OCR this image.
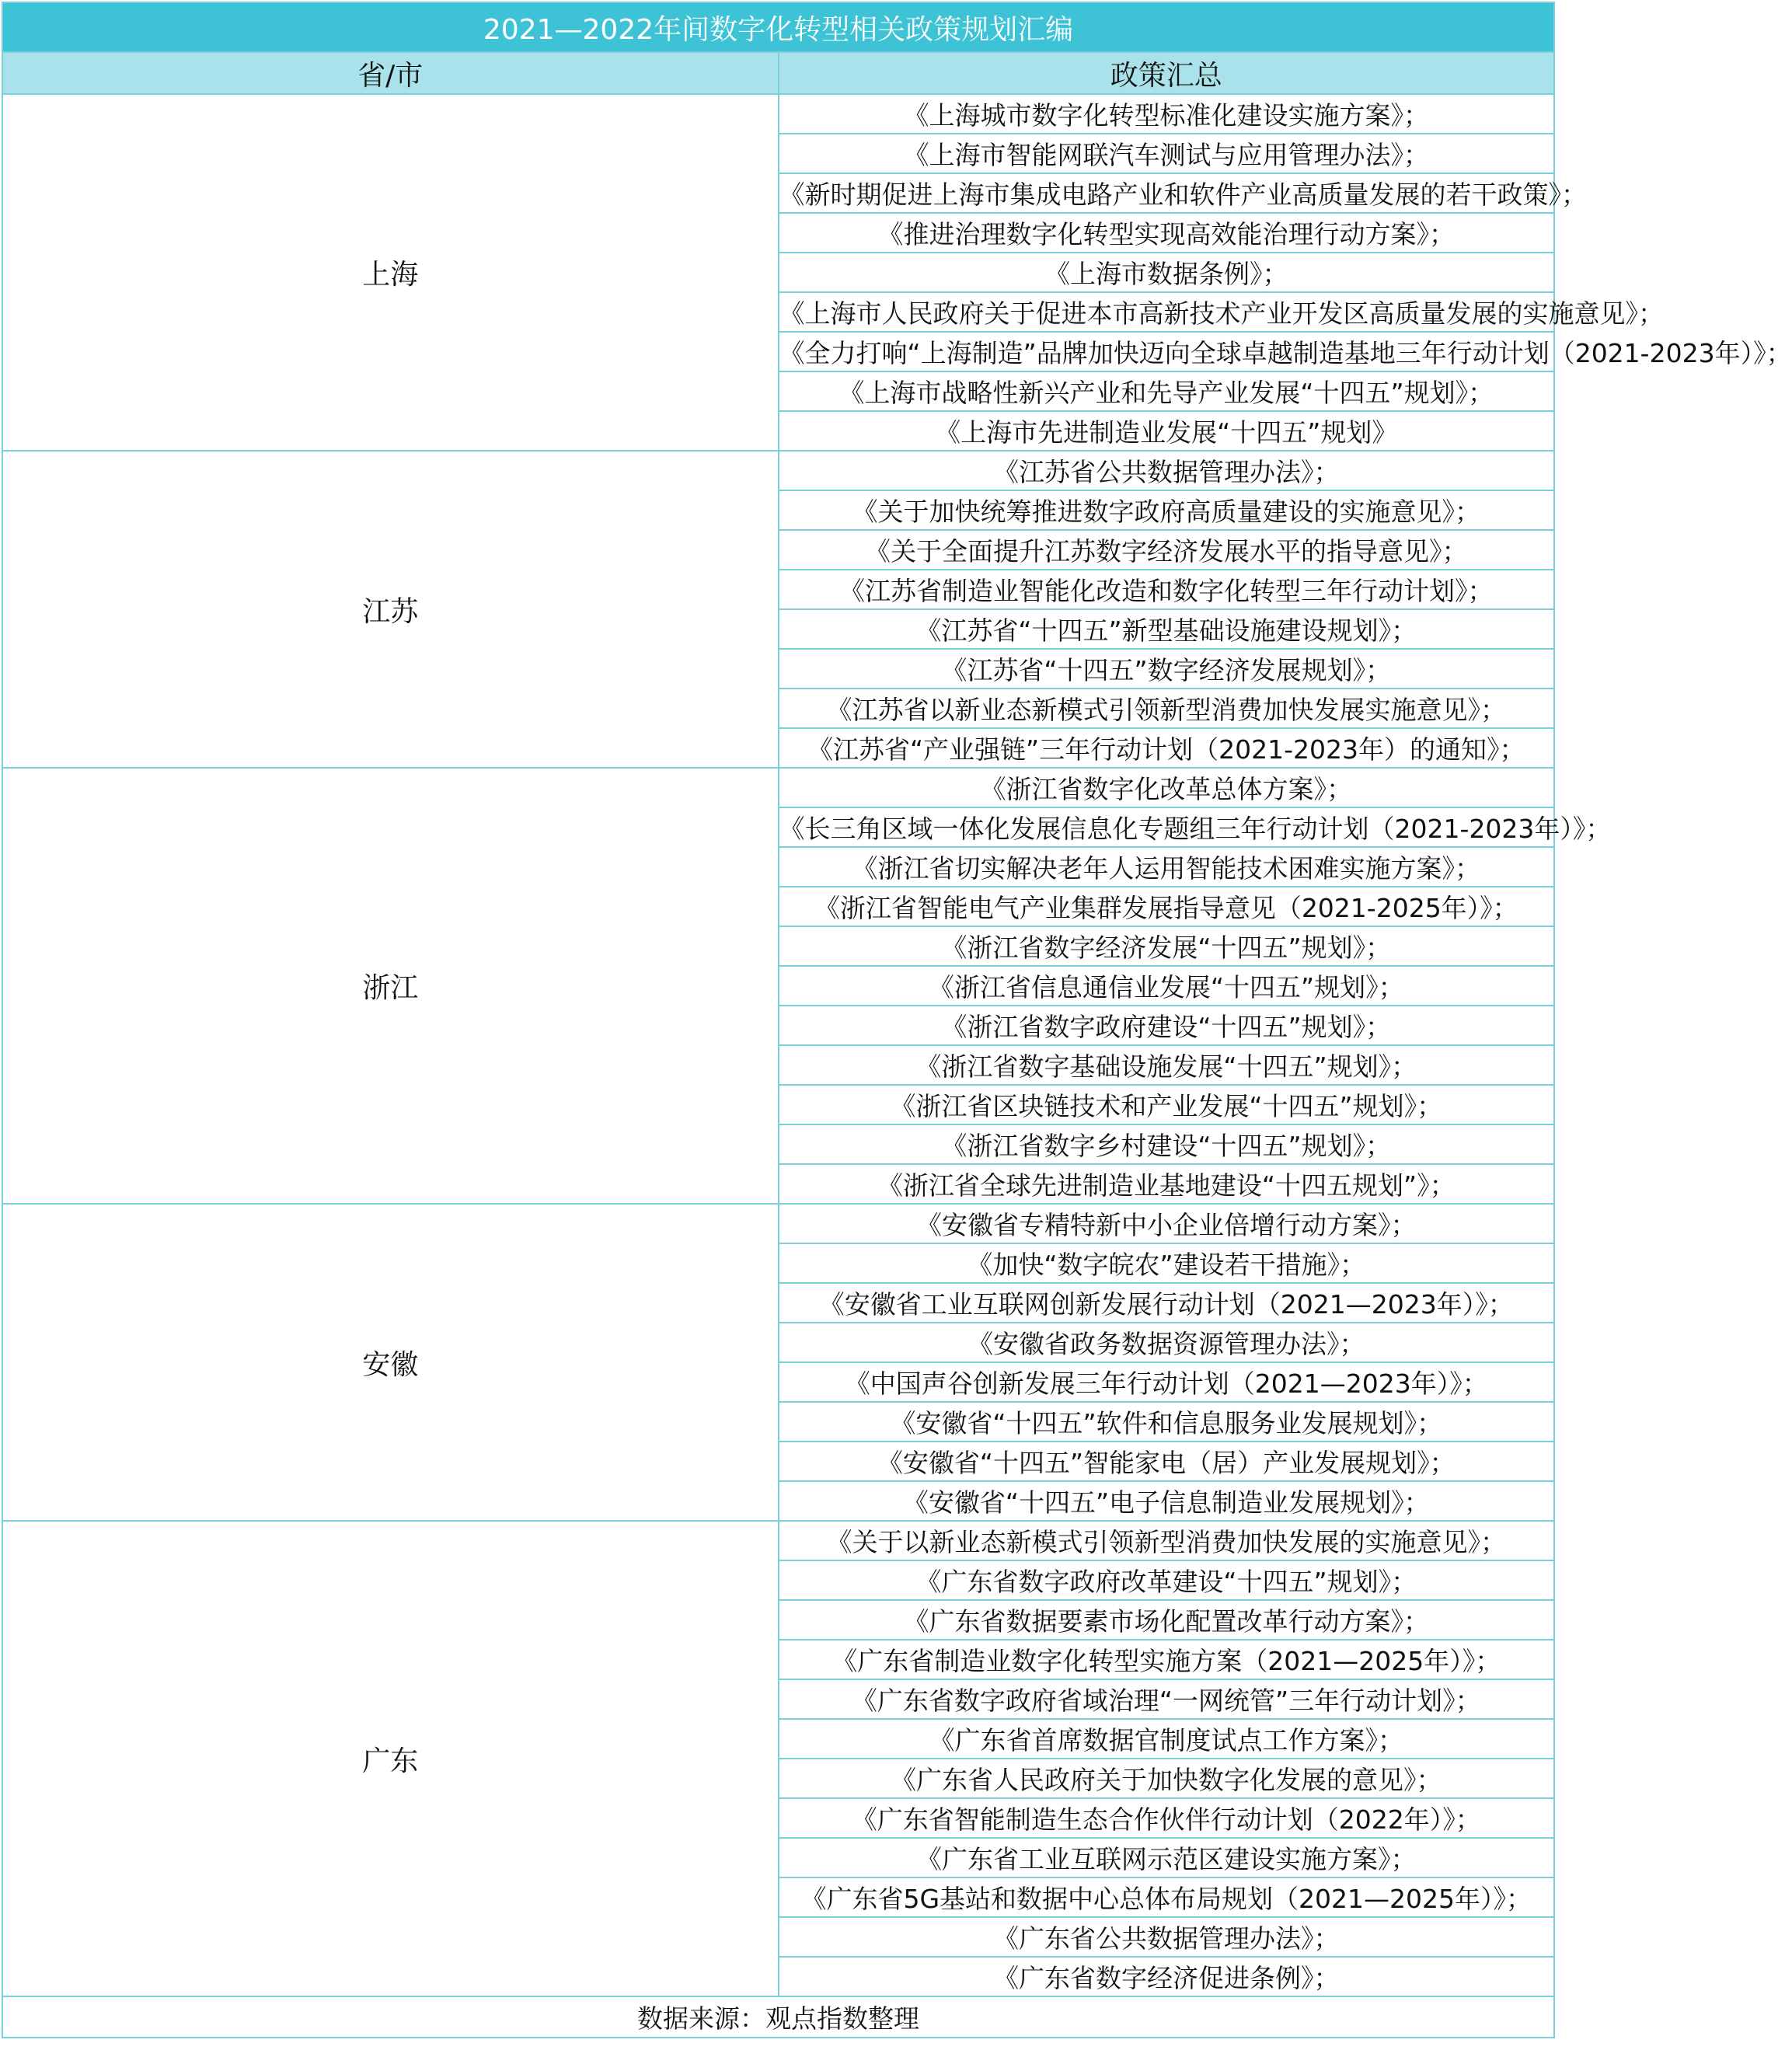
2021—2022年间数字化转型相关政策规划汇编	
省/市	政策汇总
上海	《上海城市数字化转型标准化建设实施方案》；
	《上海市智能网联汽车测试与应用管理办法》；
	《新时期促进上海市集成电路产业和软件产业高质量发展的若干政策》；
	《推进治理数字化转型实现高效能治理行动方案》；
	《上海市数据条例》；
	《上海市人民政府关于促进本市高新技术产业开发区高质量发展的实施意见》；
	《全力打响“上海制造”品牌加快迈向全球卓越制造基地三年行动计划（2021-2023年）》；
	《上海市战略性新兴产业和先导产业发展“十四五”规划》；
	《上海市先进制造业发展“十四五”规划》
江苏	《江苏省公共数据管理办法》；
	《关于加快统筹推进数字政府高质量建设的实施意见》；
	《关于全面提升江苏数字经济发展水平的指导意见》；
	《江苏省制造业智能化改造和数字化转型三年行动计划》；
	《江苏省“十四五”新型基础设施建设规划》；
	《江苏省“十四五”数字经济发展规划》；
	《江苏省以新业态新模式引领新型消费加快发展实施意见》；
	《江苏省“产业强链”三年行动计划（2021-2023年）的通知》；
浙江	《浙江省数字化改革总体方案》；
	《长三角区域一体化发展信息化专题组三年行动计划（2021-2023年）》；
	《浙江省切实解决老年人运用智能技术困难实施方案》；
	《浙江省智能电气产业集群发展指导意见（2021-2025年）》；
	《浙江省数字经济发展“十四五”规划》；
	《浙江省信息通信业发展“十四五”规划》；
	《浙江省数字政府建设“十四五”规划》；
	《浙江省数字基础设施发展“十四五”规划》；
	《浙江省区块链技术和产业发展“十四五”规划》；
	《浙江省数字乡村建设“十四五”规划》；
	《浙江省全球先进制造业基地建设“十四五规划”》；
安徽	《安徽省专精特新中小企业倍增行动方案》；
	《加快“数字皖农”建设若干措施》；
	《安徽省工业互联网创新发展行动计划（2021—2023年）》；
	《安徽省政务数据资源管理办法》；
	《中国声谷创新发展三年行动计划（2021—2023年）》；
	《安徽省“十四五”软件和信息服务业发展规划》；
	《安徽省“十四五”智能家电（居）产业发展规划》；
	《安徽省“十四五”电子信息制造业发展规划》；
广东	《关于以新业态新模式引领新型消费加快发展的实施意见》；
	《广东省数字政府改革建设“十四五”规划》；
	《广东省数据要素市场化配置改革行动方案》；
	《广东省制造业数字化转型实施方案（2021—2025年）》；
	《广东省数字政府省域治理“一网统管”三年行动计划》；
	《广东省首席数据官制度试点工作方案》；
	《广东省人民政府关于加快数字化发展的意见》；
	《广东省智能制造生态合作伙伴行动计划（2022年）》；
	《广东省工业互联网示范区建设实施方案》；
	《广东省5G基站和数据中心总体布局规划（2021—2025年）》；
	《广东省公共数据管理办法》；
	《广东省数字经济促进条例》；
数据来源：观点指数整理	
